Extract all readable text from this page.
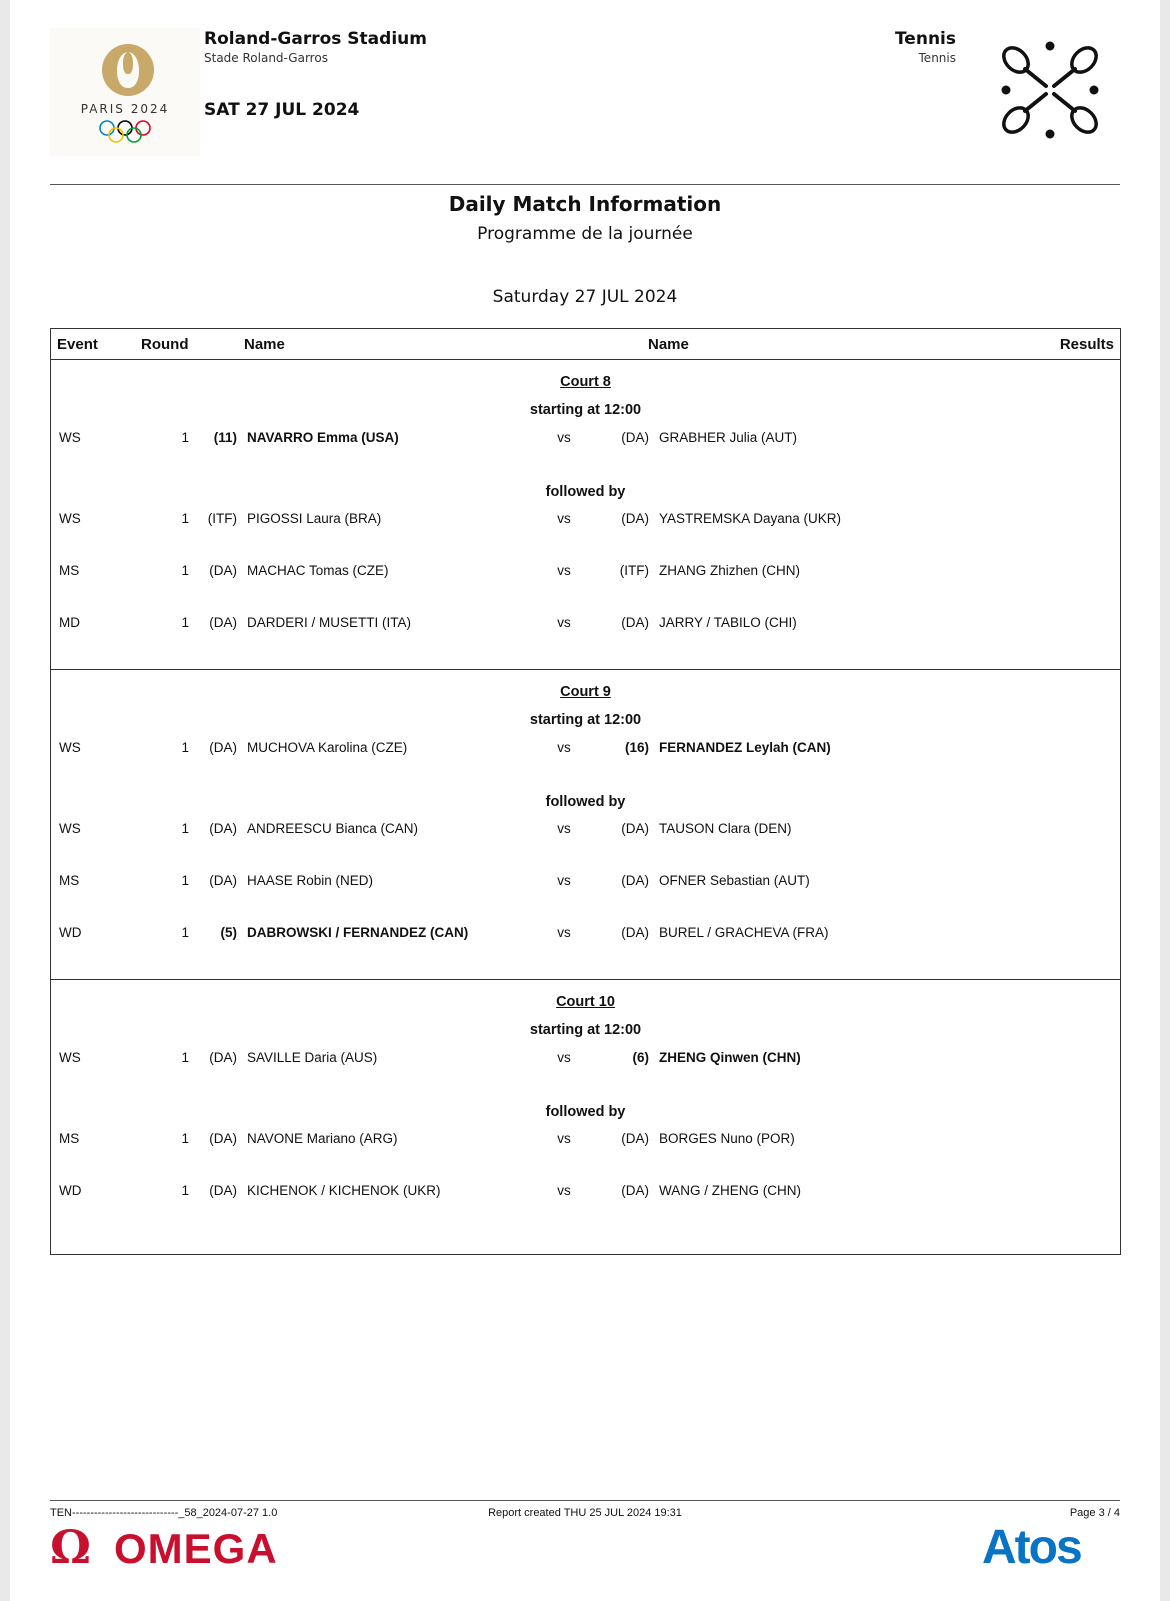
PARIS 2024
Roland-Garros Stadium
Stade Roland-Garros
SAT 27 JUL 2024
Tennis
Tennis
Daily Match Information
Programme de la journée
Saturday 27 JUL 2024
Event	Round	Name	Name	Results
Court 8
starting at 12:00
followed by
WS	1	(11) NAVARRO Emma (USA)	vs	(DA) GRABHER Julia (AUT)
WS	1	(ITF) PIGOSSI Laura (BRA)	vs	(DA) YASTREMSKA Dayana (UKR)
MS	1	(DA) MACHAC Tomas (CZE)	vs	(ITF) ZHANG Zhizhen (CHN)
MD	1	(DA) DARDERI / MUSETTI (ITA)	vs	(DA) JARRY / TABILO (CHI)
Court 9
starting at 12:00
followed by
WS	1	(DA) MUCHOVA Karolina (CZE)	vs	(16) FERNANDEZ Leylah (CAN)
WS	1	(DA) ANDREESCU Bianca (CAN)	vs	(DA) TAUSON Clara (DEN)
MS	1	(DA) HAASE Robin (NED)	vs	(DA) OFNER Sebastian (AUT)
WD	1	(5) DABROWSKI / FERNANDEZ (CAN)	vs	(DA) BUREL / GRACHEVA (FRA)
Court 10
starting at 12:00
followed by
WS	1	(DA) SAVILLE Daria (AUS)	vs	(6) ZHENG Qinwen (CHN)
MS	1	(DA) NAVONE Mariano (ARG)	vs	(DA) BORGES Nuno (POR)
WD	1	(DA) KICHENOK / KICHENOK (UKR)	vs	(DA) WANG / ZHENG (CHN)
TEN-----------------------------_58_2024-07-27 1.0	Report created THU 25 JUL 2024 19:31	Page 3 / 4
Ω OMEGA	Atos
